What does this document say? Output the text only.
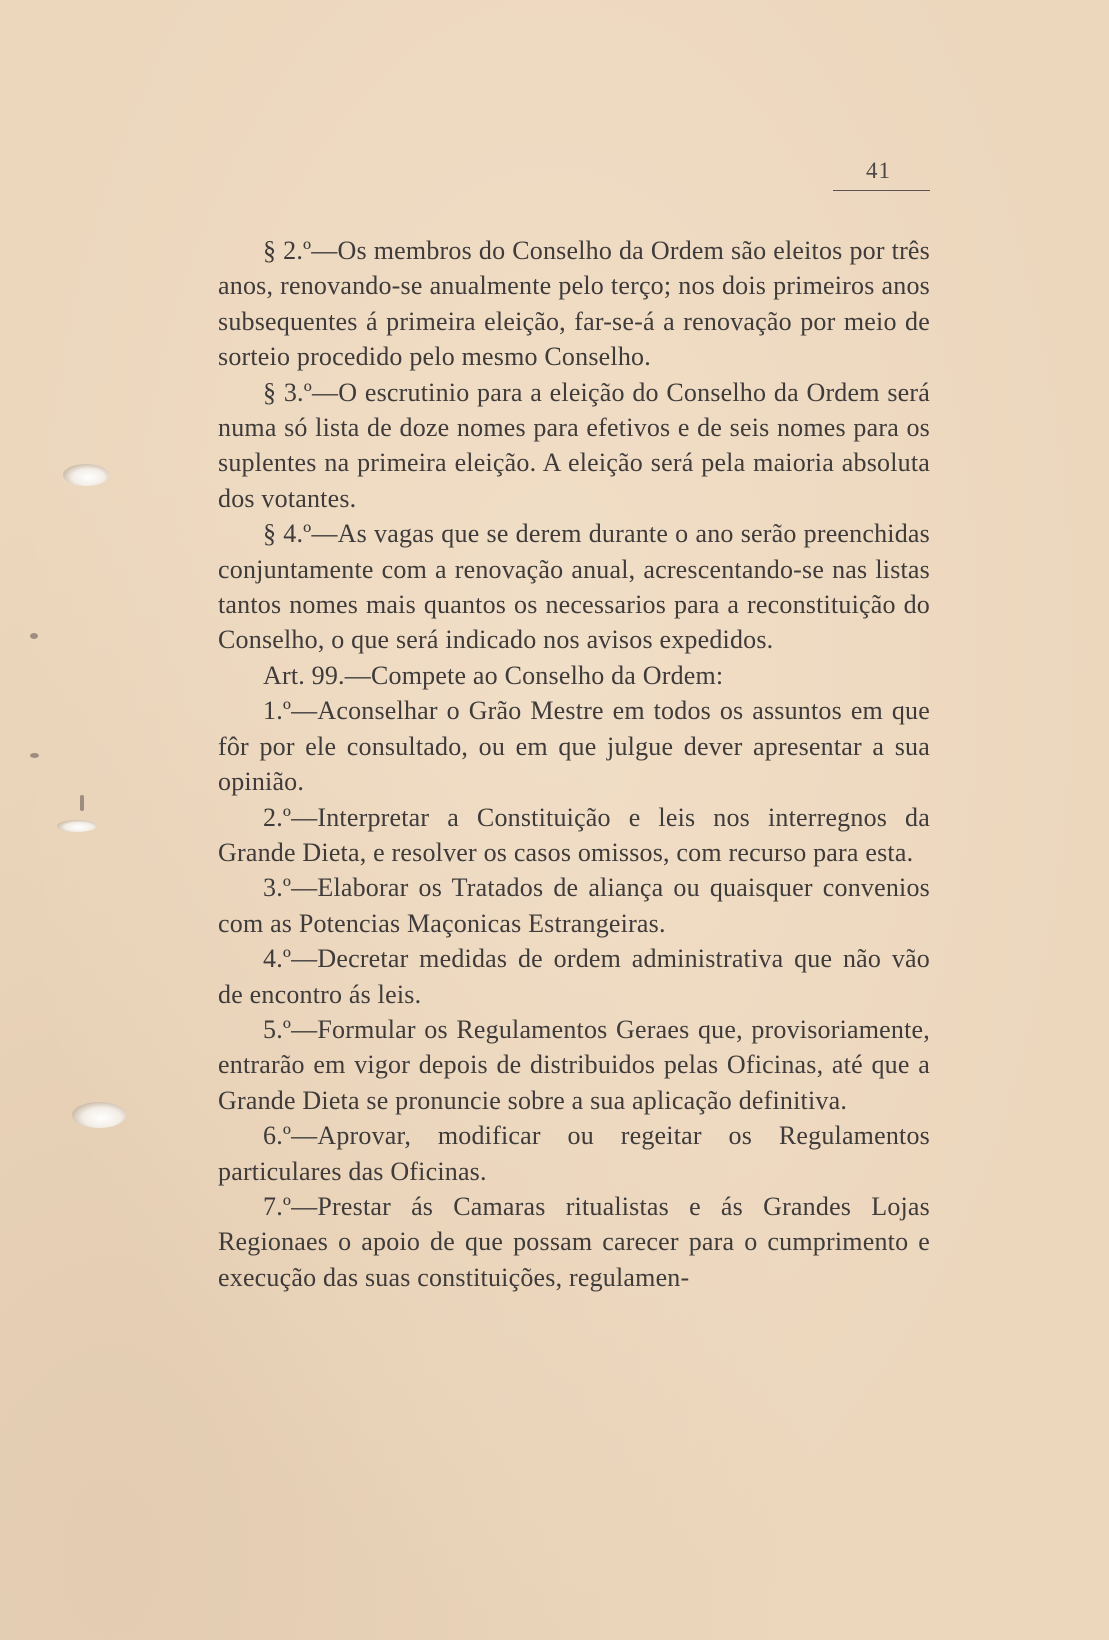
41

§ 2.º—Os membros do Conselho da Ordem são eleitos por três anos, renovando-se anualmente pelo terço; nos dois primeiros anos subsequentes á primeira eleição, far-se-á a renovação por meio de sorteio procedido pelo mesmo Conselho.

§ 3.º—O escrutinio para a eleição do Conselho da Ordem será numa só lista de doze nomes para efetivos e de seis nomes para os suplentes na primeira eleição. A eleição será pela maioria absoluta dos votantes.

§ 4.º—As vagas que se derem durante o ano serão preenchidas conjuntamente com a renovação anual, acrescentando-se nas listas tantos nomes mais quantos os necessarios para a reconstituição do Conselho, o que será indicado nos avisos expedidos.

Art. 99.—Compete ao Conselho da Ordem:

1.º—Aconselhar o Grão Mestre em todos os assuntos em que fôr por ele consultado, ou em que julgue dever apresentar a sua opinião.

2.º—Interpretar a Constituição e leis nos interregnos da Grande Dieta, e resolver os casos omissos, com recurso para esta.

3.º—Elaborar os Tratados de aliança ou quaisquer convenios com as Potencias Maçonicas Estrangeiras.

4.º—Decretar medidas de ordem administrativa que não vão de encontro ás leis.

5.º—Formular os Regulamentos Geraes que, provisoriamente, entrarão em vigor depois de distribuidos pelas Oficinas, até que a Grande Dieta se pronuncie sobre a sua aplicação definitiva.

6.º—Aprovar, modificar ou regeitar os Regulamentos particulares das Oficinas.

7.º—Prestar ás Camaras ritualistas e ás Grandes Lojas Regionaes o apoio de que possam carecer para o cumprimento e execução das suas constituições, regulamen-
